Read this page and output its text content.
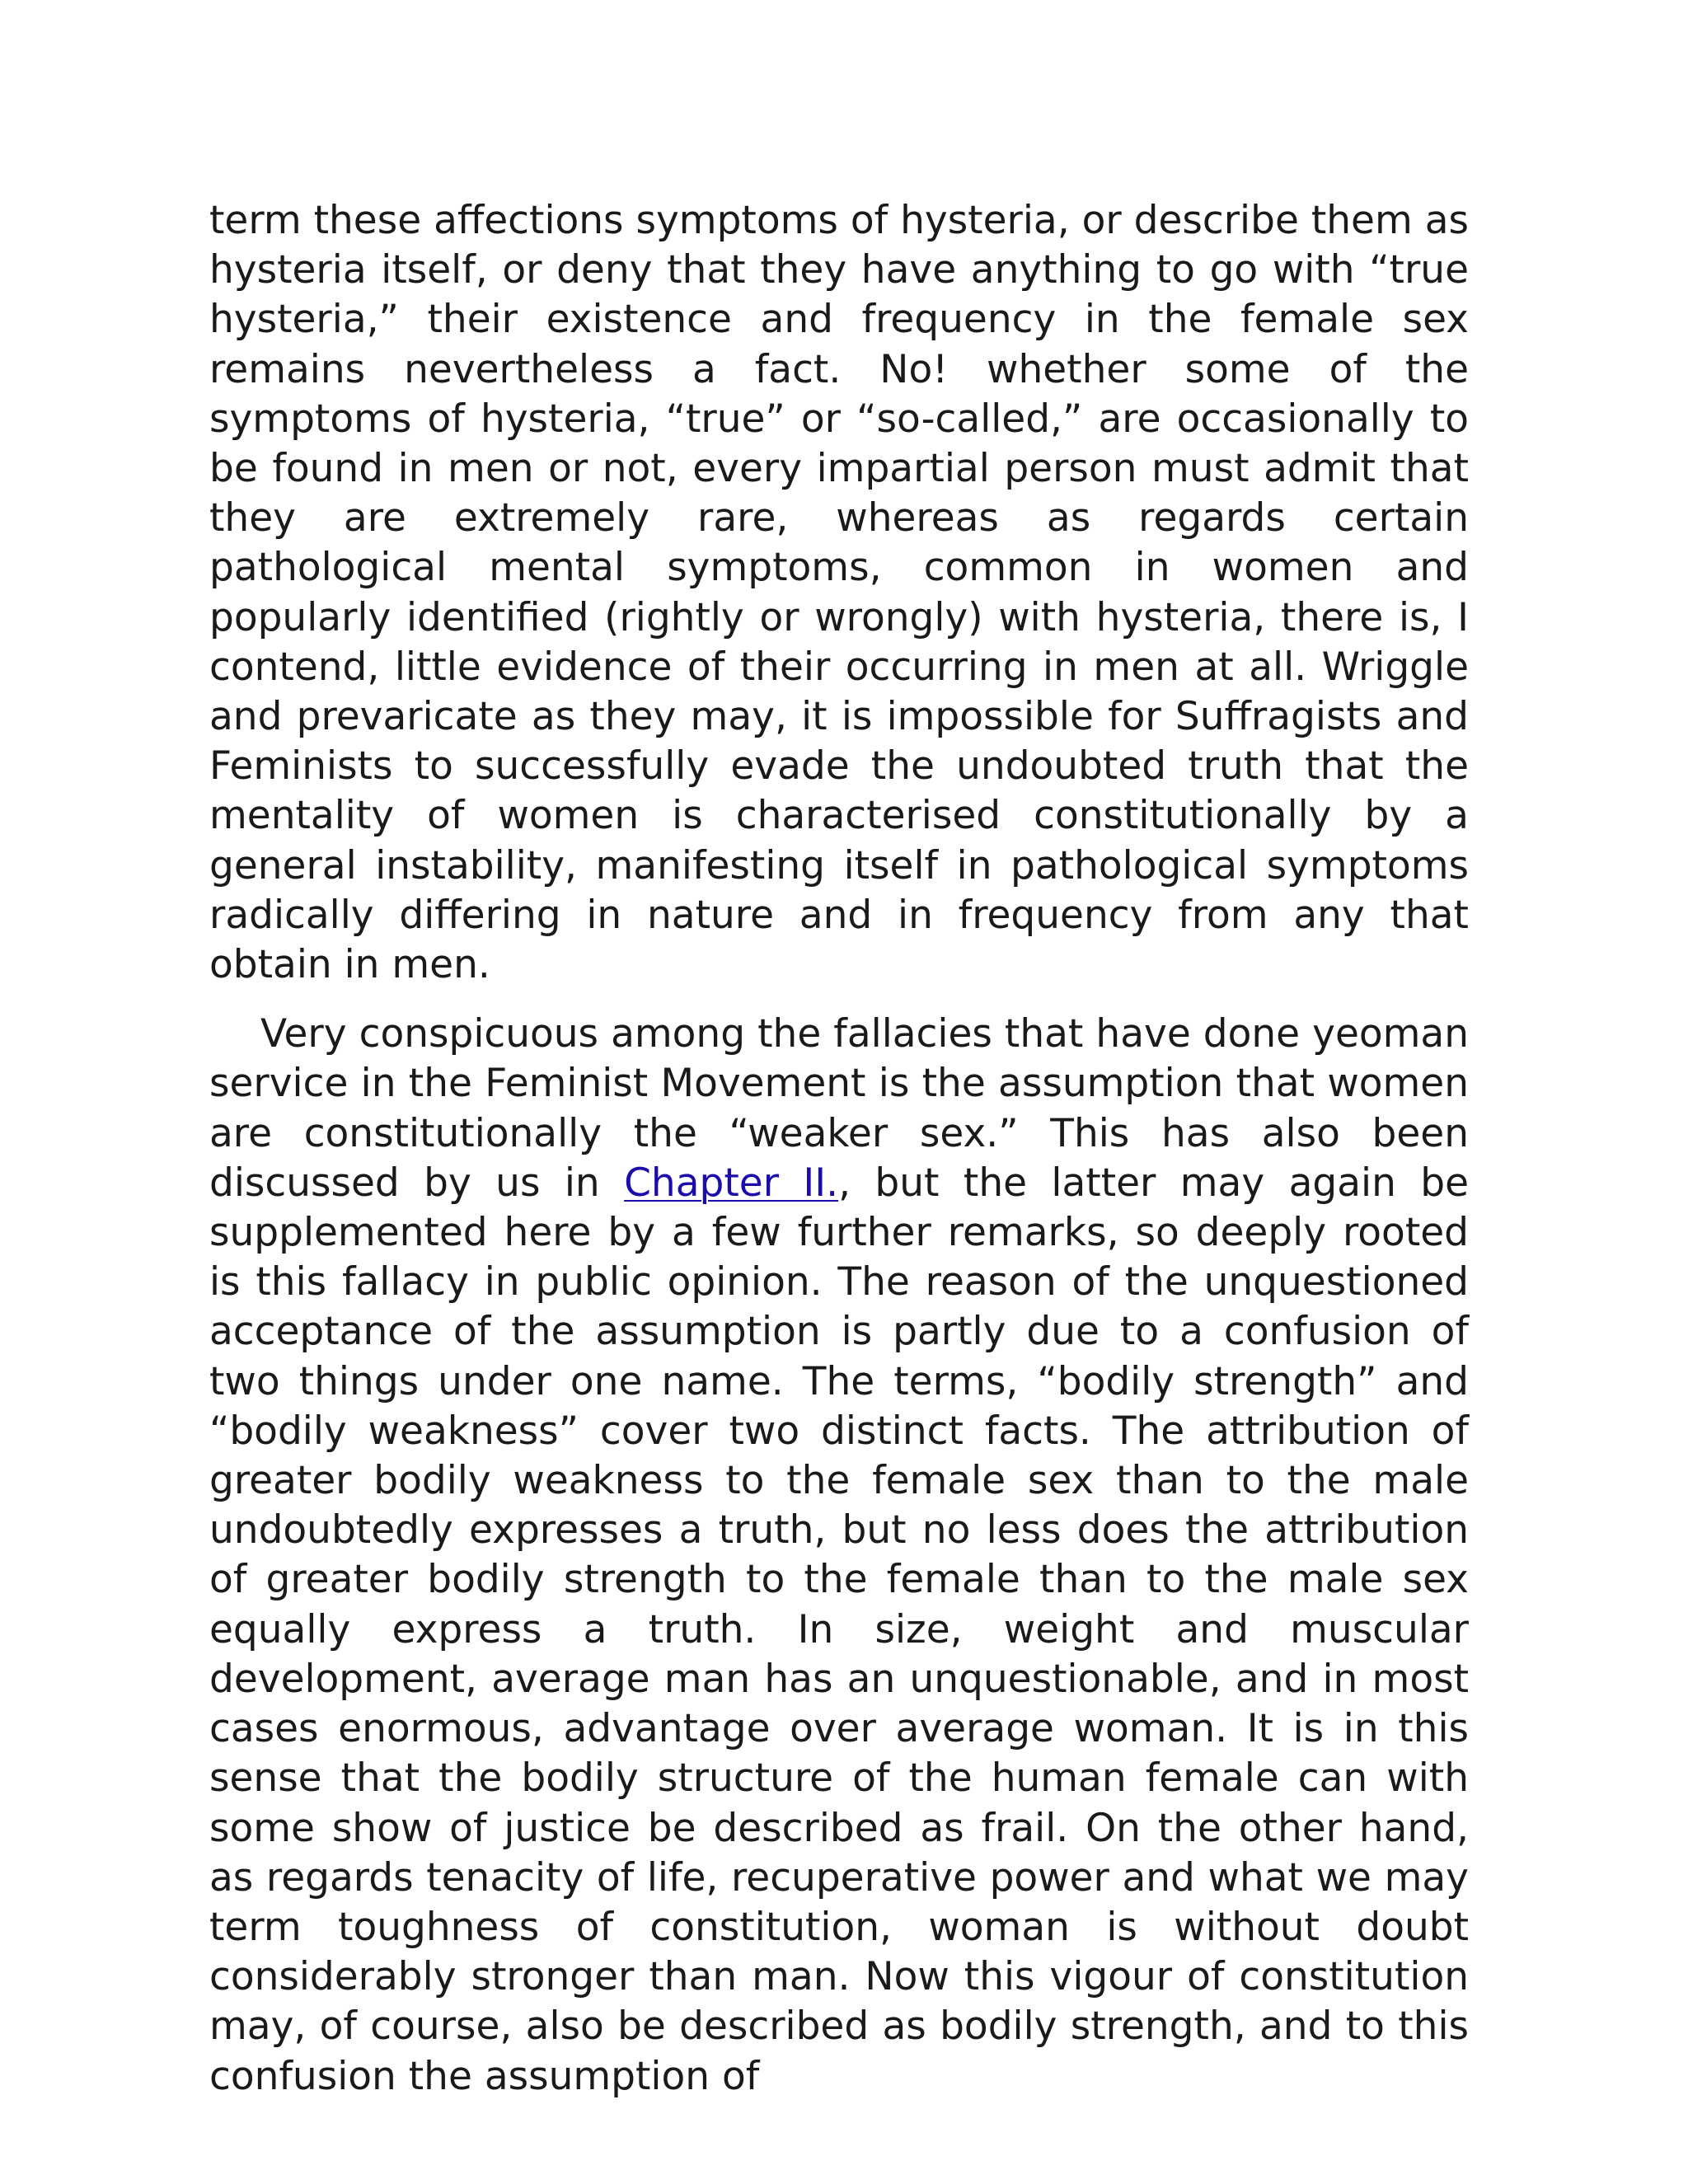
term these affections symptoms of hysteria, or describe them as hysteria itself, or deny that they have anything to go with “true hysteria,” their existence and frequency in the female sex remains nevertheless a fact. No! whether some of the symptoms of hysteria, “true” or “so-called,” are occasionally to be found in men or not, every impartial person must admit that they are extremely rare, whereas as regards certain pathological mental symptoms, common in women and popularly identified (rightly or wrongly) with hysteria, there is, I contend, little evidence of their occurring in men at all. Wriggle and prevaricate as they may, it is impossible for Suffragists and Feminists to successfully evade the undoubted truth that the mentality of women is characterised constitutionally by a general instability, manifesting itself in pathological symptoms radically differing in nature and in frequency from any that obtain in men.

Very conspicuous among the fallacies that have done yeoman service in the Feminist Movement is the assumption that women are constitutionally the “weaker sex.” This has also been discussed by us in Chapter II., but the latter may again be supplemented here by a few further remarks, so deeply rooted is this fallacy in public opinion. The reason of the unquestioned acceptance of the assumption is partly due to a confusion of two things under one name. The terms, “bodily strength” and “bodily weakness” cover two distinct facts. The attribution of greater bodily weakness to the female sex than to the male undoubtedly expresses a truth, but no less does the attribution of greater bodily strength to the female than to the male sex equally express a truth. In size, weight and muscular development, average man has an unquestionable, and in most cases enormous, advantage over average woman. It is in this sense that the bodily structure of the human female can with some show of justice be described as frail. On the other hand, as regards tenacity of life, recuperative power and what we may term toughness of constitution, woman is without doubt considerably stronger than man. Now this vigour of constitution may, of course, also be described as bodily strength, and to this confusion the assumption of
